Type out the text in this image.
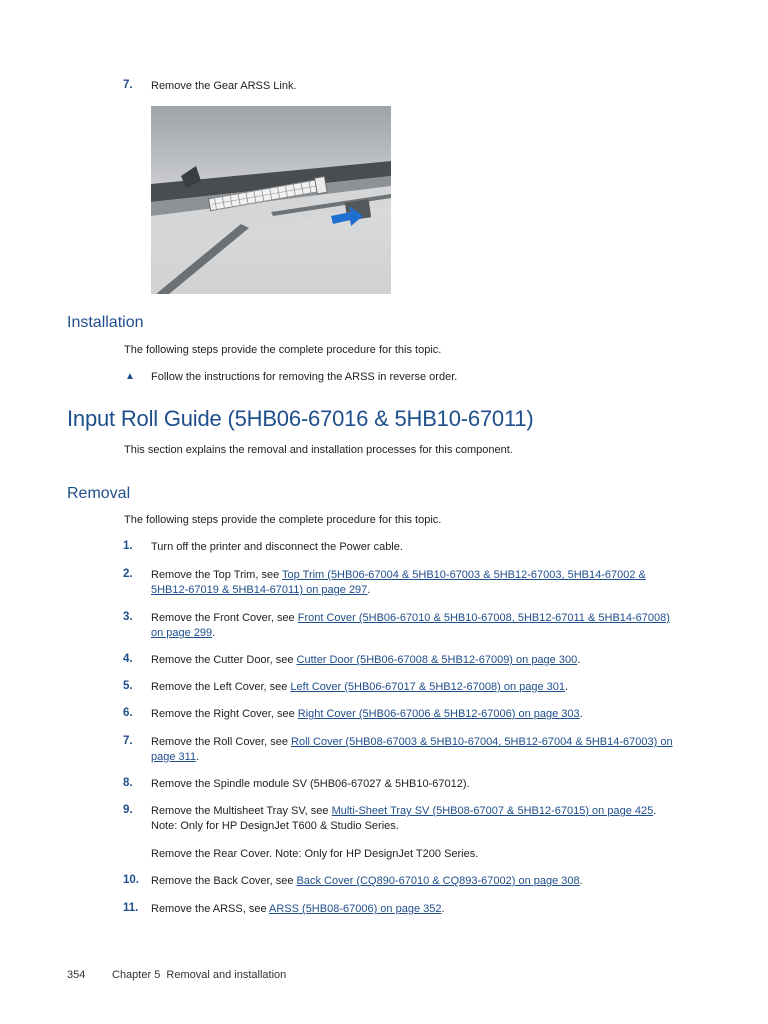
7.	Remove the Gear ARSS Link.
Installation
The following steps provide the complete procedure for this topic.
▲ Follow the instructions for removing the ARSS in reverse order.
Input Roll Guide (5HB06-67016 & 5HB10-67011)
This section explains the removal and installation processes for this component.
Removal
The following steps provide the complete procedure for this topic.
1.	Turn off the printer and disconnect the Power cable.
2.	Remove the Top Trim, see Top Trim (5HB06-67004 & 5HB10-67003 & 5HB12-67003, 5HB14-67002 &
5HB12-67019 & 5HB14-67011) on page 297.
3.	Remove the Front Cover, see Front Cover (5HB06-67010 & 5HB10-67008, 5HB12-67011 & 5HB14-67008)
on page 299.
4.	Remove the Cutter Door, see Cutter Door (5HB06-67008 & 5HB12-67009) on page 300.
5.	Remove the Left Cover, see Left Cover (5HB06-67017 & 5HB12-67008) on page 301.
6.	Remove the Right Cover, see Right Cover (5HB06-67006 & 5HB12-67006) on page 303.
7.	Remove the Roll Cover, see Roll Cover (5HB08-67003 & 5HB10-67004, 5HB12-67004 & 5HB14-67003) on
page 311.
8.	Remove the Spindle module SV (5HB06-67027 & 5HB10-67012).
9.	Remove the Multisheet Tray SV, see Multi-Sheet Tray SV (5HB08-67007 & 5HB12-67015) on page 425.
Note: Only for HP DesignJet T600 & Studio Series.
Remove the Rear Cover. Note: Only for HP DesignJet T200 Series.
10.	Remove the Back Cover, see Back Cover (CQ890-67010 & CQ893-67002) on page 308.
11.	Remove the ARSS, see ARSS (5HB08-67006) on page 352.
354 Chapter 5  Removal and installation
